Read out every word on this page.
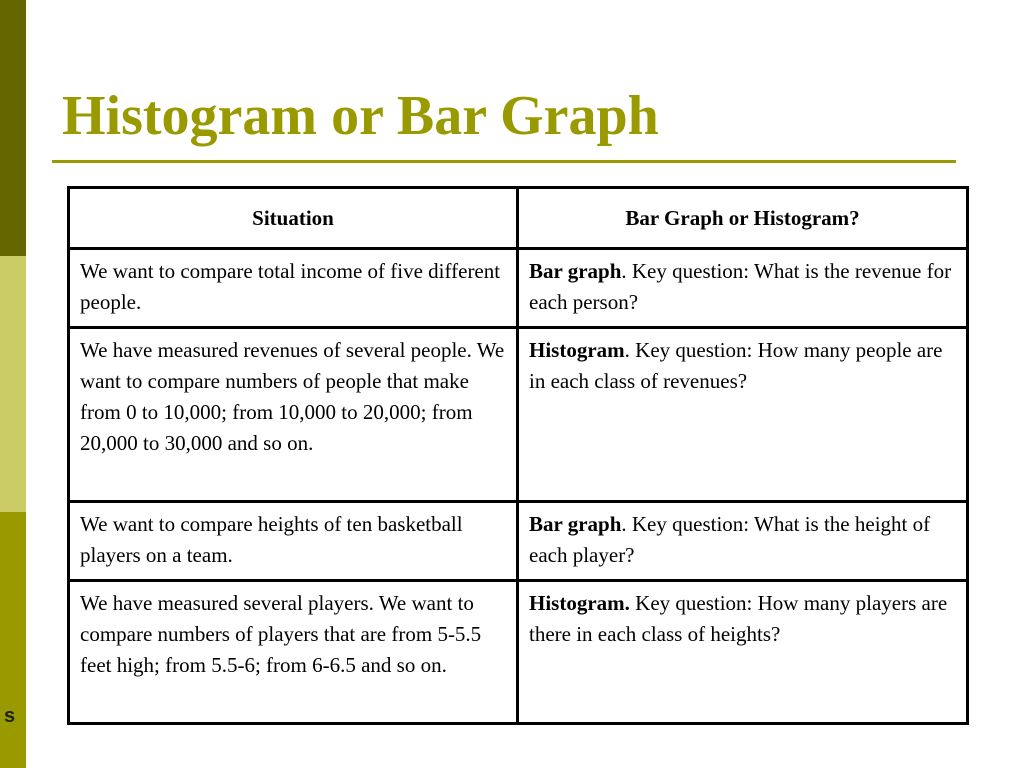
s
Histogram or Bar Graph
Situation	Bar Graph or Histogram?
We want to compare total income of five different people.	Bar graph. Key question: What is the revenue for each person?
We have measured revenues of several people. We want to compare numbers of people that make from 0 to 10,000; from 10,000 to 20,000; from 20,000 to 30,000 and so on.	Histogram. Key question: How many people are in each class of revenues?
We want to compare heights of ten basketball players on a team.	Bar graph. Key question: What is the height of each player?
We have measured several players. We want to compare numbers of players that are from 5-5.5 feet high; from 5.5-6; from 6-6.5 and so on.	Histogram. Key question: How many players are there in each class of heights?
